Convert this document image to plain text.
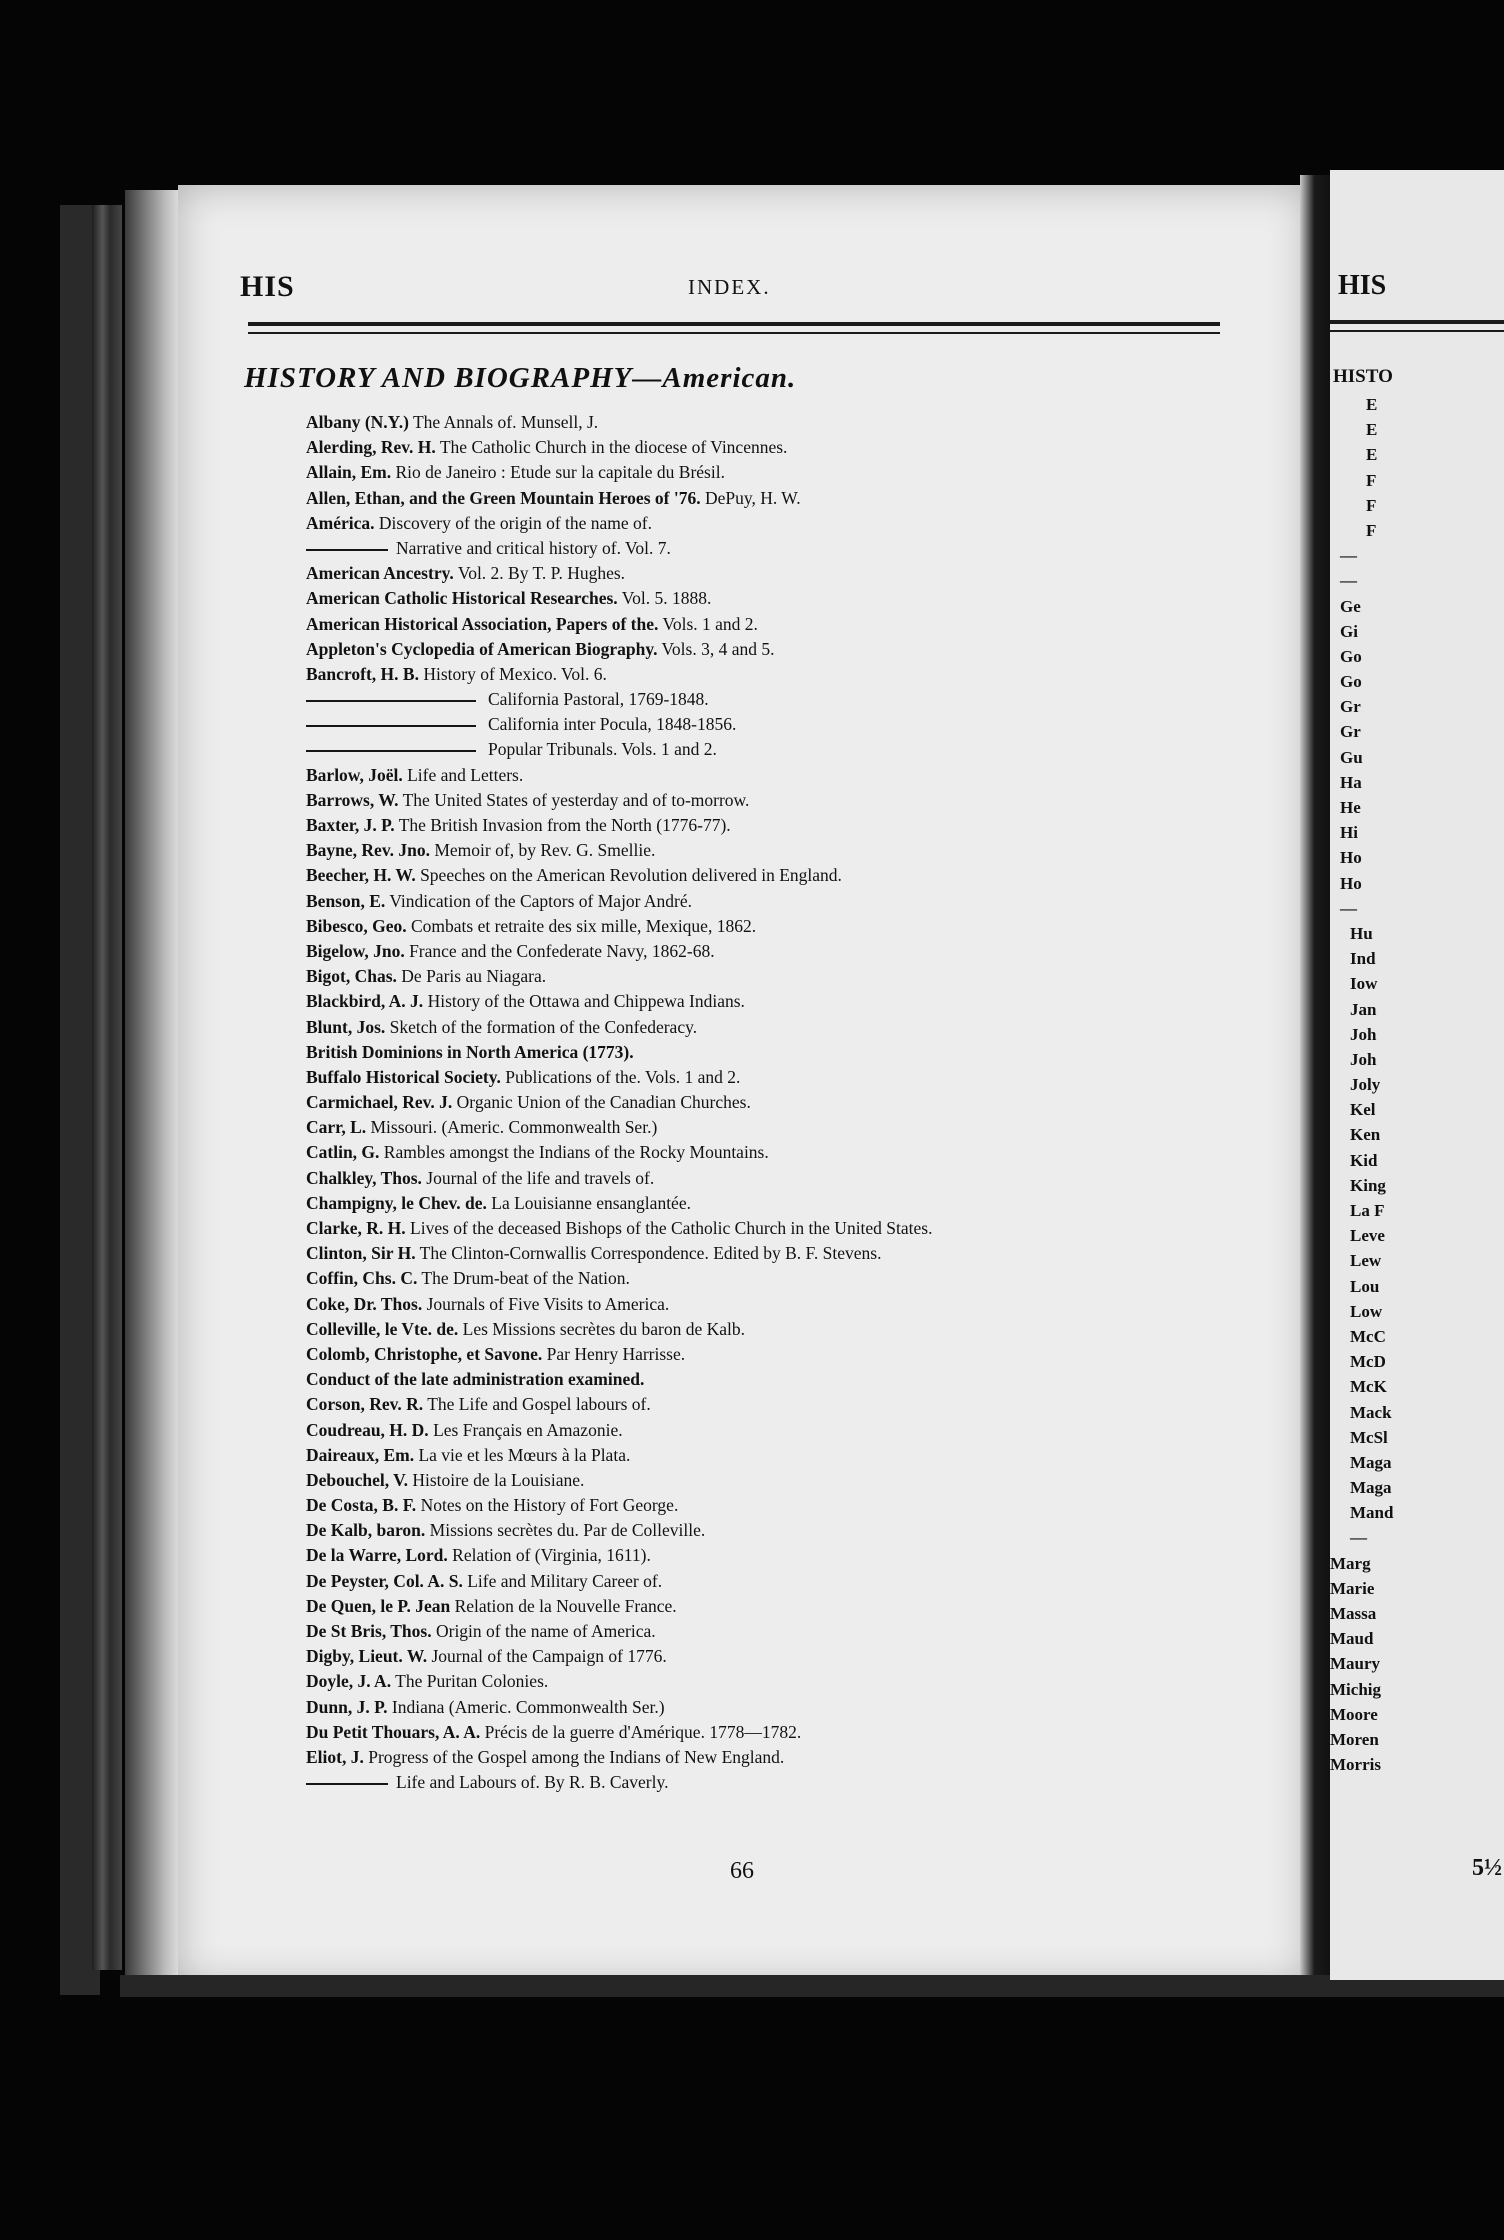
HIS	INDEX.
HISTORY AND BIOGRAPHY—American.
Albany (N.Y.) The Annals of. Munsell, J.
Alerding, Rev. H. The Catholic Church in the diocese of Vincennes.
Allain, Em. Rio de Janeiro : Etude sur la capitale du Brésil.
Allen, Ethan, and the Green Mountain Heroes of '76. DePuy, H. W.
América. Discovery of the origin of the name of.
Narrative and critical history of. Vol. 7.
American Ancestry. Vol. 2. By T. P. Hughes.
American Catholic Historical Researches. Vol. 5. 1888.
American Historical Association, Papers of the. Vols. 1 and 2.
Appleton's Cyclopedia of American Biography. Vols. 3, 4 and 5.
Bancroft, H. B. History of Mexico. Vol. 6.
California Pastoral, 1769-1848.
California inter Pocula, 1848-1856.
Popular Tribunals. Vols. 1 and 2.
Barlow, Joël. Life and Letters.
Barrows, W. The United States of yesterday and of to-morrow.
Baxter, J. P. The British Invasion from the North (1776-77).
Bayne, Rev. Jno. Memoir of, by Rev. G. Smellie.
Beecher, H. W. Speeches on the American Revolution delivered in England.
Benson, E. Vindication of the Captors of Major André.
Bibesco, Geo. Combats et retraite des six mille, Mexique, 1862.
Bigelow, Jno. France and the Confederate Navy, 1862-68.
Bigot, Chas. De Paris au Niagara.
Blackbird, A. J. History of the Ottawa and Chippewa Indians.
Blunt, Jos. Sketch of the formation of the Confederacy.
British Dominions in North America (1773).
Buffalo Historical Society. Publications of the. Vols. 1 and 2.
Carmichael, Rev. J. Organic Union of the Canadian Churches.
Carr, L. Missouri. (Americ. Commonwealth Ser.)
Catlin, G. Rambles amongst the Indians of the Rocky Mountains.
Chalkley, Thos. Journal of the life and travels of.
Champigny, le Chev. de. La Louisianne ensanglantée.
Clarke, R. H. Lives of the deceased Bishops of the Catholic Church in the United States.
Clinton, Sir H. The Clinton-Cornwallis Correspondence. Edited by B. F. Stevens.
Coffin, Chs. C. The Drum-beat of the Nation.
Coke, Dr. Thos. Journals of Five Visits to America.
Colleville, le Vte. de. Les Missions secrètes du baron de Kalb.
Colomb, Christophe, et Savone. Par Henry Harrisse.
Conduct of the late administration examined.
Corson, Rev. R. The Life and Gospel labours of.
Coudreau, H. D. Les Français en Amazonie.
Daireaux, Em. La vie et les Mœurs à la Plata.
Debouchel, V. Histoire de la Louisiane.
De Costa, B. F. Notes on the History of Fort George.
De Kalb, baron. Missions secrètes du. Par de Colleville.
De la Warre, Lord. Relation of (Virginia, 1611).
De Peyster, Col. A. S. Life and Military Career of.
De Quen, le P. Jean Relation de la Nouvelle France.
De St Bris, Thos. Origin of the name of America.
Digby, Lieut. W. Journal of the Campaign of 1776.
Doyle, J. A. The Puritan Colonies.
Dunn, J. P. Indiana (Americ. Commonwealth Ser.)
Du Petit Thouars, A. A. Précis de la guerre d'Amérique. 1778—1782.
Eliot, J. Progress of the Gospel among the Indians of New England.
Life and Labours of. By R. B. Caverly.
66
HIS
HISTO
E
E
E
F
F
F
—
—
Ge
Gi
Go
Go
Gr
Gr
Gu
Ha
He
Hi
Ho
Ho
—
Hu
Ind
Iow
Jan
Joh
Joh
Joly
Kel
Ken
Kid
King
La F
Leve
Lew
Lou
Low
McC
McD
McK
Mack
McSl
Maga
Maga
Mand
—
Marg
Marie
Massa
Maud
Maury
Michig
Moore
Moren
Morris
5½
